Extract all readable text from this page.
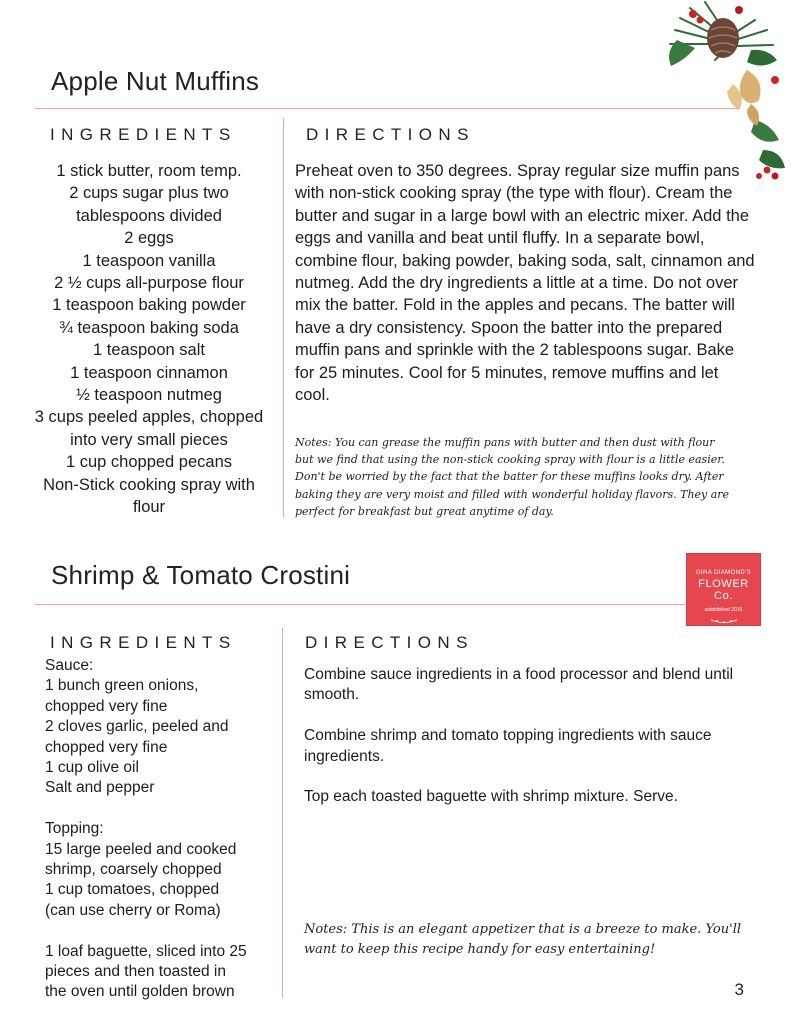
Apple Nut Muffins
INGREDIENTS	DIRECTIONS
1 stick butter, room temp.
2 cups sugar plus two
tablespoons divided
2 eggs
1 teaspoon vanilla
2 ½ cups all-purpose flour
1 teaspoon baking powder
¾ teaspoon baking soda
1 teaspoon salt
1 teaspoon cinnamon
½ teaspoon nutmeg
3 cups peeled apples, chopped
into very small pieces
1 cup chopped pecans
Non-Stick cooking spray with
flour

Preheat oven to 350 degrees. Spray regular size muffin pans with non-stick cooking spray (the type with flour). Cream the butter and sugar in a large bowl with an electric mixer. Add the eggs and vanilla and beat until fluffy. In a separate bowl, combine flour, baking powder, baking soda, salt, cinnamon and nutmeg. Add the dry ingredients a little at a time. Do not over mix the batter. Fold in the apples and pecans. The batter will have a dry consistency. Spoon the batter into the prepared muffin pans and sprinkle with the 2 tablespoons sugar. Bake for 25 minutes. Cool for 5 minutes, remove muffins and let cool.

Notes: You can grease the muffin pans with butter and then dust with flour but we find that using the non-stick cooking spray with flour is a little easier. Don't be worried by the fact that the batter for these muffins looks dry. After baking they are very moist and filled with wonderful holiday flavors. They are perfect for breakfast but great anytime of day.

Shrimp & Tomato Crostini	GINA DIAMOND'S
FLOWER Co.
established 2016
INGREDIENTS	DIRECTIONS
Sauce:
1 bunch green onions,
chopped very fine
2 cloves garlic, peeled and
chopped very fine
1 cup olive oil
Salt and pepper
Topping:
15 large peeled and cooked
shrimp, coarsely chopped
1 cup tomatoes, chopped
(can use cherry or Roma)
1 loaf baguette, sliced into 25
pieces and then toasted in
the oven until golden brown

Combine sauce ingredients in a food processor and blend until smooth.

Combine shrimp and tomato topping ingredients with sauce ingredients.

Top each toasted baguette with shrimp mixture. Serve.

Notes: This is an elegant appetizer that is a breeze to make. You'll want to keep this recipe handy for easy entertaining!

3
